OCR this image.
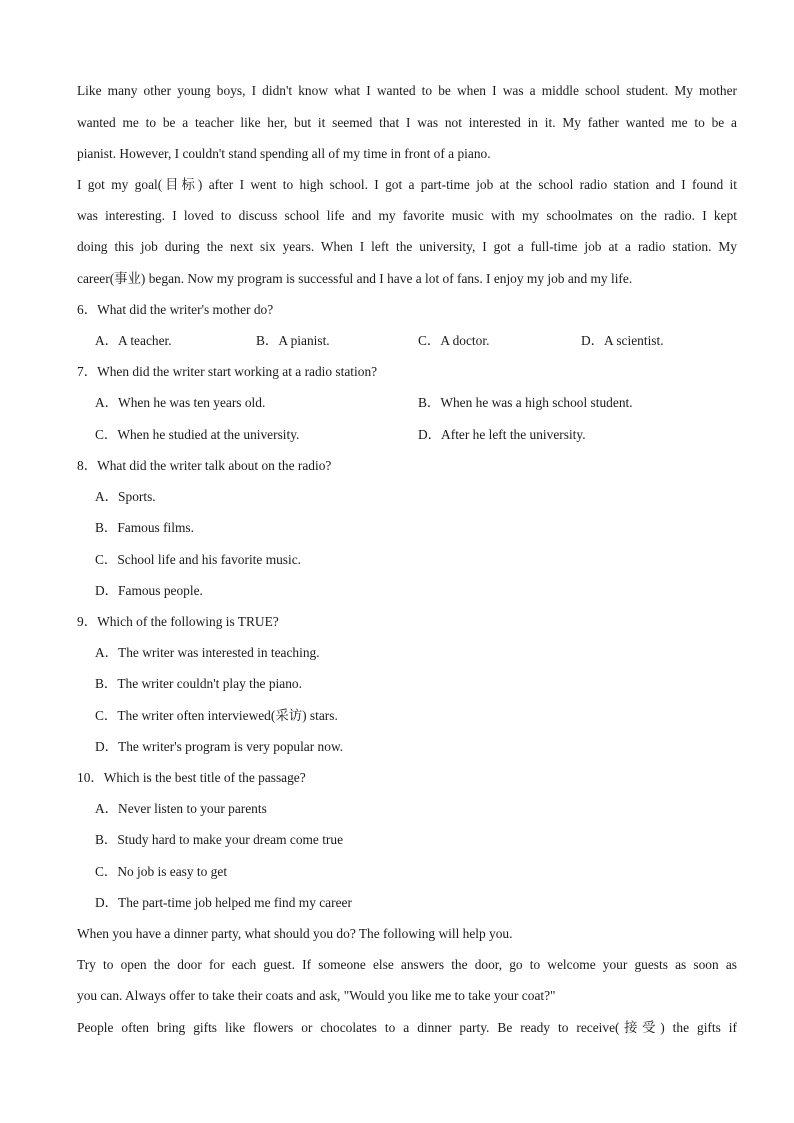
Like many other young boys, I didn't know what I wanted to be when I was a middle school student. My mother
wanted me to be a teacher like her, but it seemed that I was not interested in it. My father wanted me to be a
pianist. However, I couldn't stand spending all of my time in front of a piano.
I got my goal(目标) after I went to high school. I got a part-time job at the school radio station and I found it
was interesting. I loved to discuss school life and my favorite music with my schoolmates on the radio. I kept
doing this job during the next six years. When I left the university, I got a full-time job at a radio station. My
career(事业) began. Now my program is successful and I have a lot of fans. I enjoy my job and my life.
6．What did the writer's mother do?
A．A teacher.	B．A pianist.	C．A doctor.	D．A scientist.
7．When did the writer start working at a radio station?
A．When he was ten years old.	B．When he was a high school student.
C．When he studied at the university.	D．After he left the university.
8．What did the writer talk about on the radio?
A．Sports.
B．Famous films.
C．School life and his favorite music.
D．Famous people.
9．Which of the following is TRUE?
A．The writer was interested in teaching.
B．The writer couldn't play the piano.
C．The writer often interviewed(采访) stars.
D．The writer's program is very popular now.
10．Which is the best title of the passage?
A．Never listen to your parents
B．Study hard to make your dream come true
C．No job is easy to get
D．The part-time job helped me find my career
When you have a dinner party, what should you do? The following will help you.
Try to open the door for each guest. If someone else answers the door, go to welcome your guests as soon as
you can. Always offer to take their coats and ask, "Would you like me to take your coat?"
People often bring gifts like flowers or chocolates to a dinner party. Be ready to receive(接受) the gifts if
